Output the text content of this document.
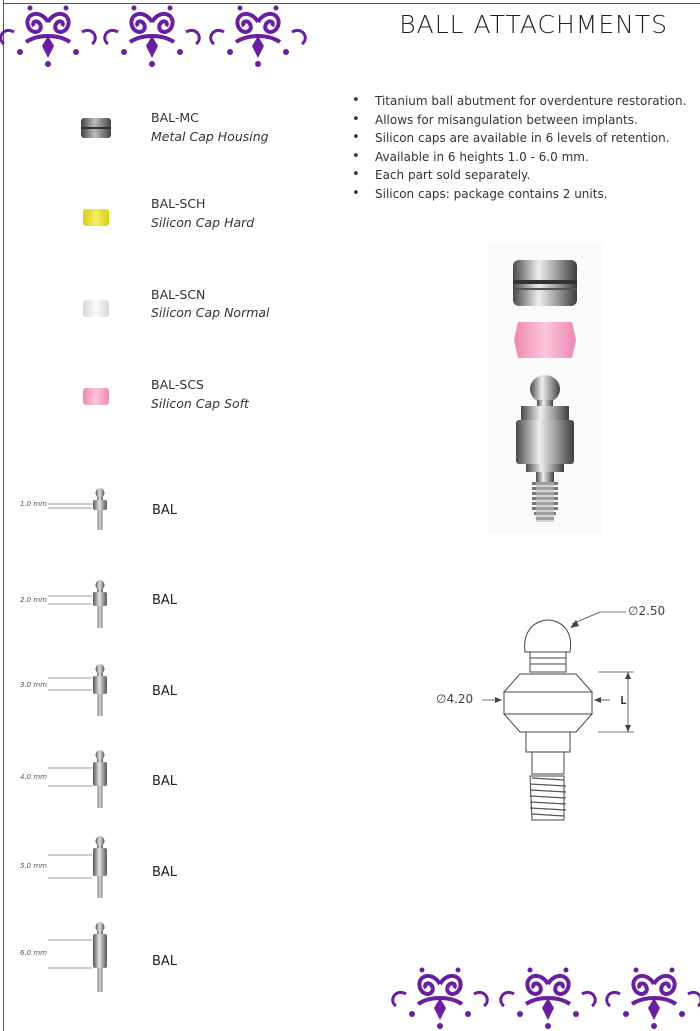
BALL ATTACHMENTS
• Titanium ball abutment for overdenture restoration.
• Allows for misangulation between implants.
• Silicon caps are available in 6 levels of retention.
• Available in 6 heights 1.0 - 6.0 mm.
• Each part sold separately.
• Silicon caps: package contains 2 units.
BAL-MC
Metal Cap Housing
BAL-SCH
Silicon Cap Hard
BAL-SCN
Silicon Cap Normal
BAL-SCS
Silicon Cap Soft
1.0 mm
2.0 mm
3.0 mm
4.0 mm
5.0 mm
6.0 mm
BAL
BAL
BAL
BAL
BAL
BAL
∅2.50
∅4.20	L
